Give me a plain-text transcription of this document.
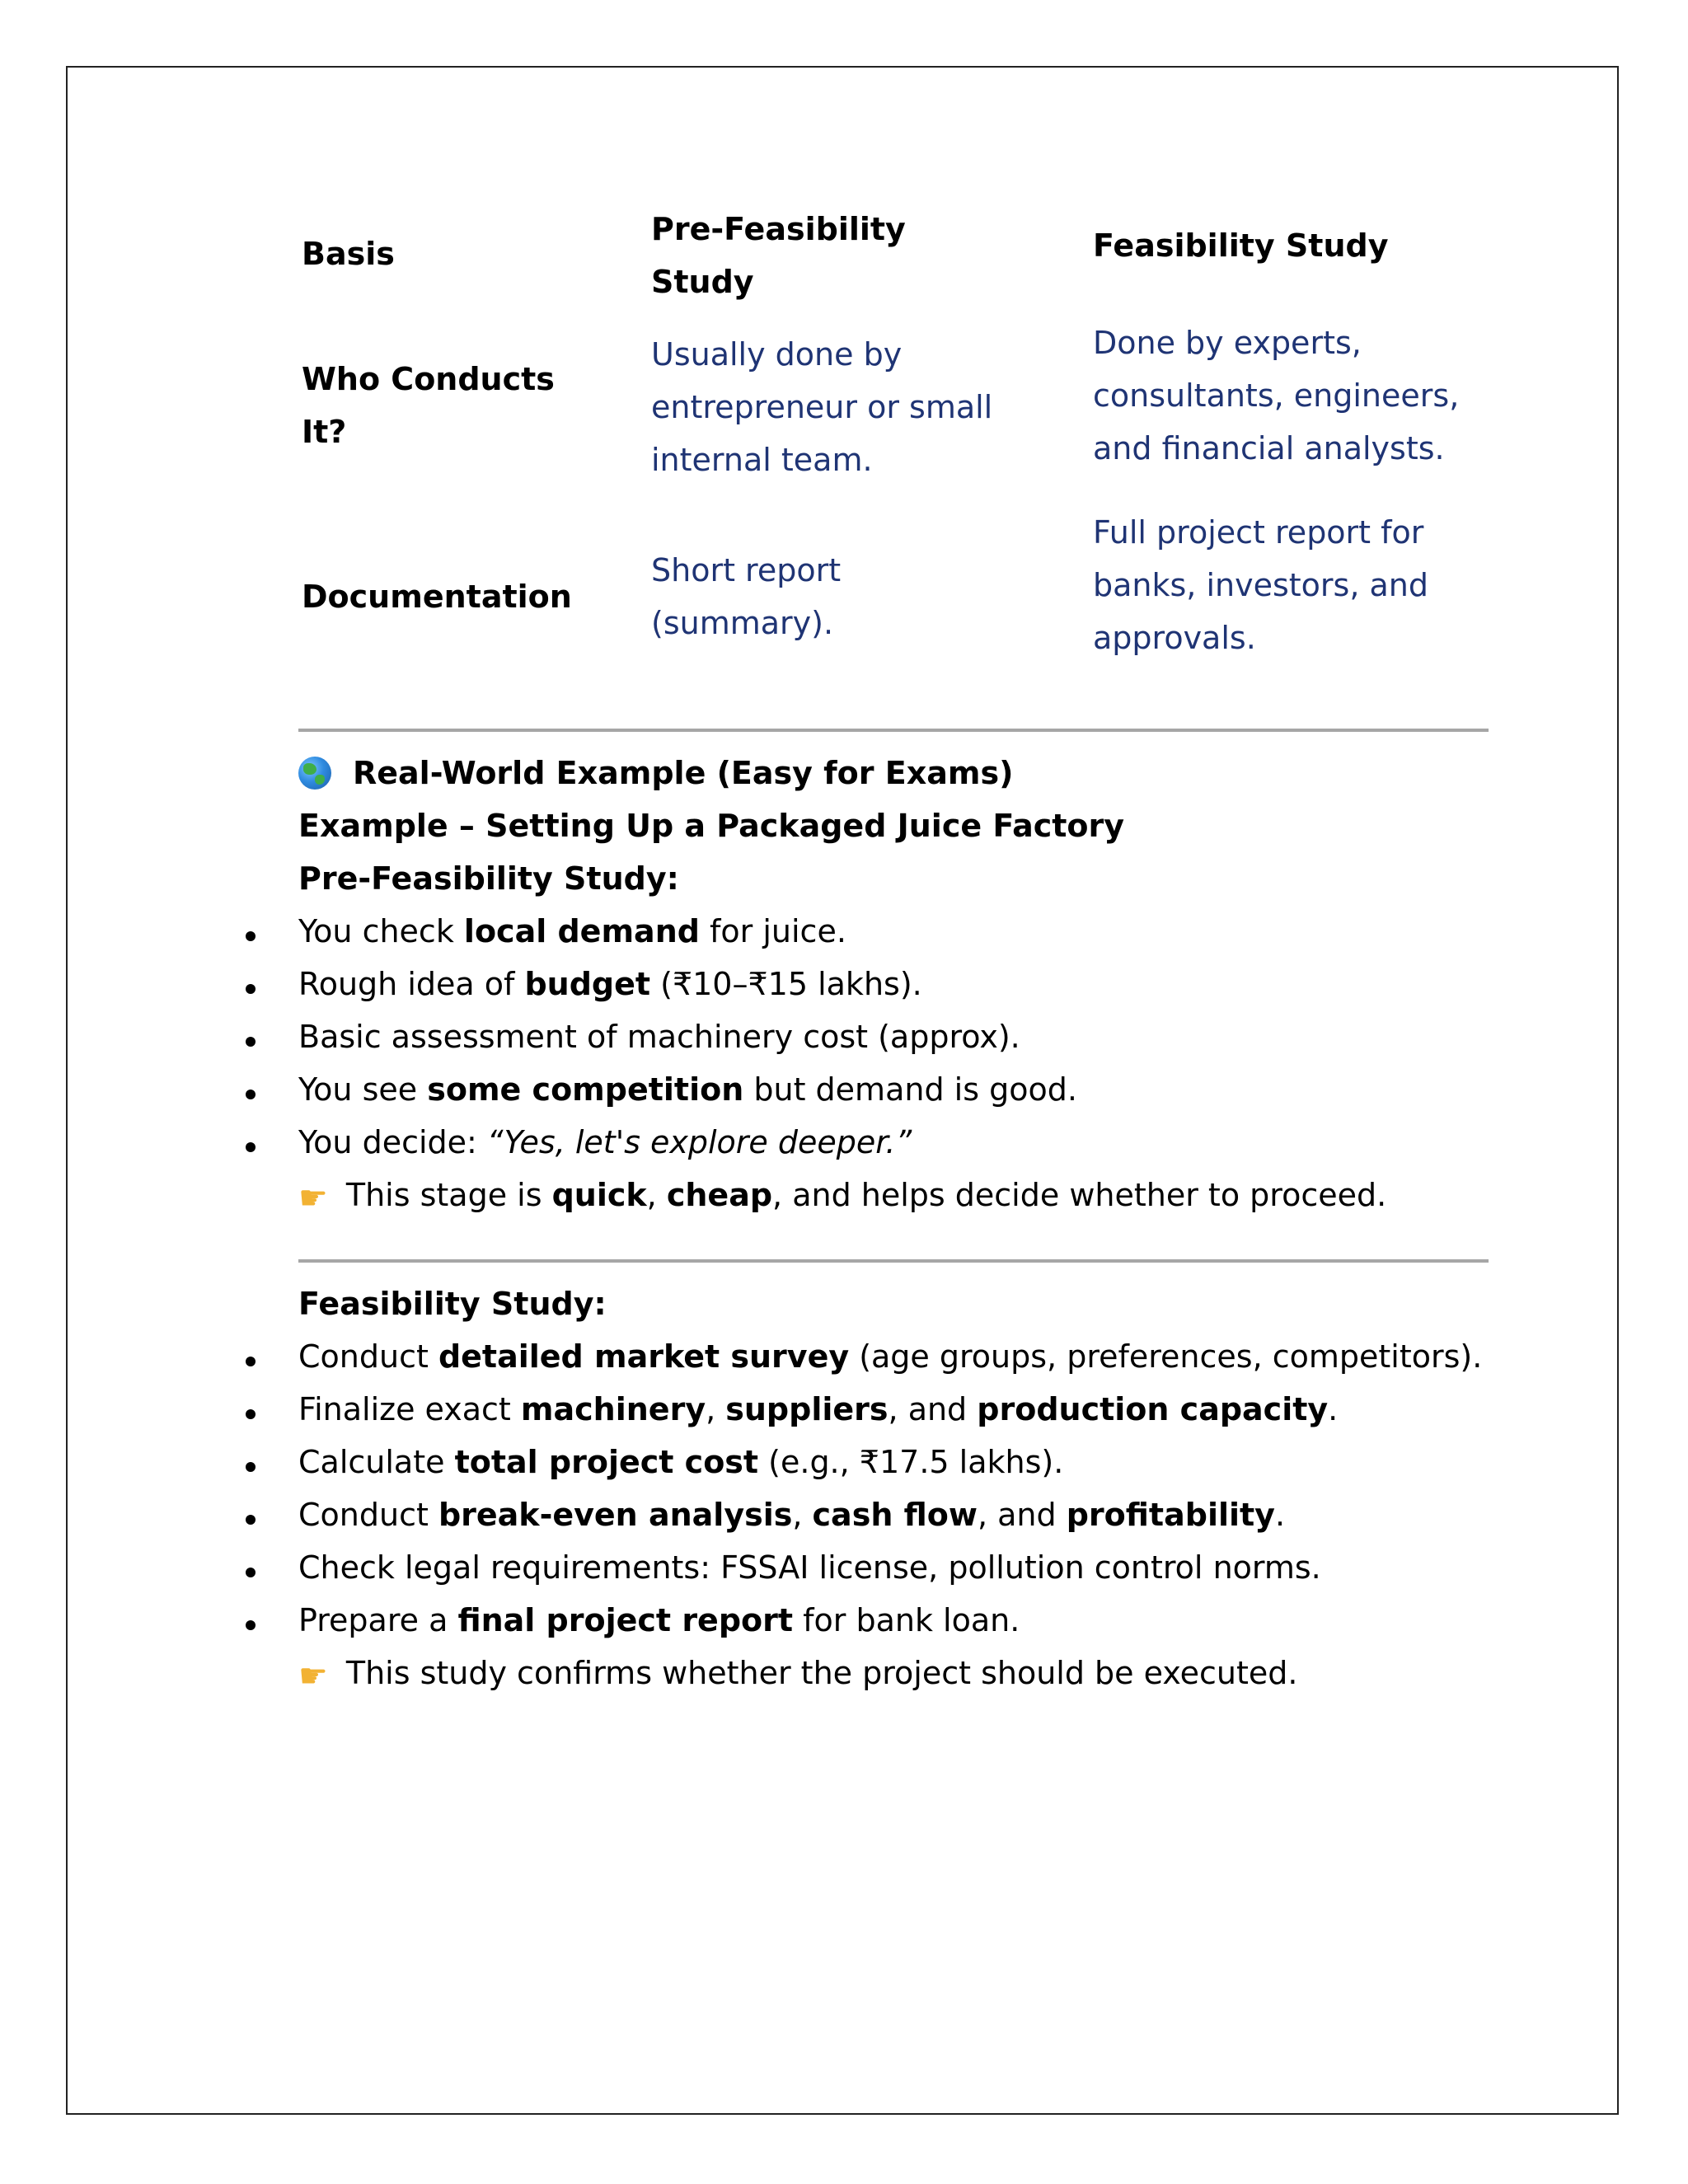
Basis
Pre-Feasibility
Study
Feasibility Study
Who Conducts
It?
Usually done by
entrepreneur or small
internal team.
Done by experts,
consultants, engineers,
and financial analysts.
Documentation
Short report
(summary).
Full project report for
banks, investors, and
approvals.
Real-World Example (Easy for Exams)
Example – Setting Up a Packaged Juice Factory
Pre-Feasibility Study:
You check local demand for juice.
Rough idea of budget (₹10–₹15 lakhs).
Basic assessment of machinery cost (approx).
You see some competition but demand is good.
You decide: “Yes, let's explore deeper.”
☛ This stage is quick, cheap, and helps decide whether to proceed.
Feasibility Study:
Conduct detailed market survey (age groups, preferences, competitors).
Finalize exact machinery, suppliers, and production capacity.
Calculate total project cost (e.g., ₹17.5 lakhs).
Conduct break-even analysis, cash flow, and profitability.
Check legal requirements: FSSAI license, pollution control norms.
Prepare a final project report for bank loan.
☛ This study confirms whether the project should be executed.
